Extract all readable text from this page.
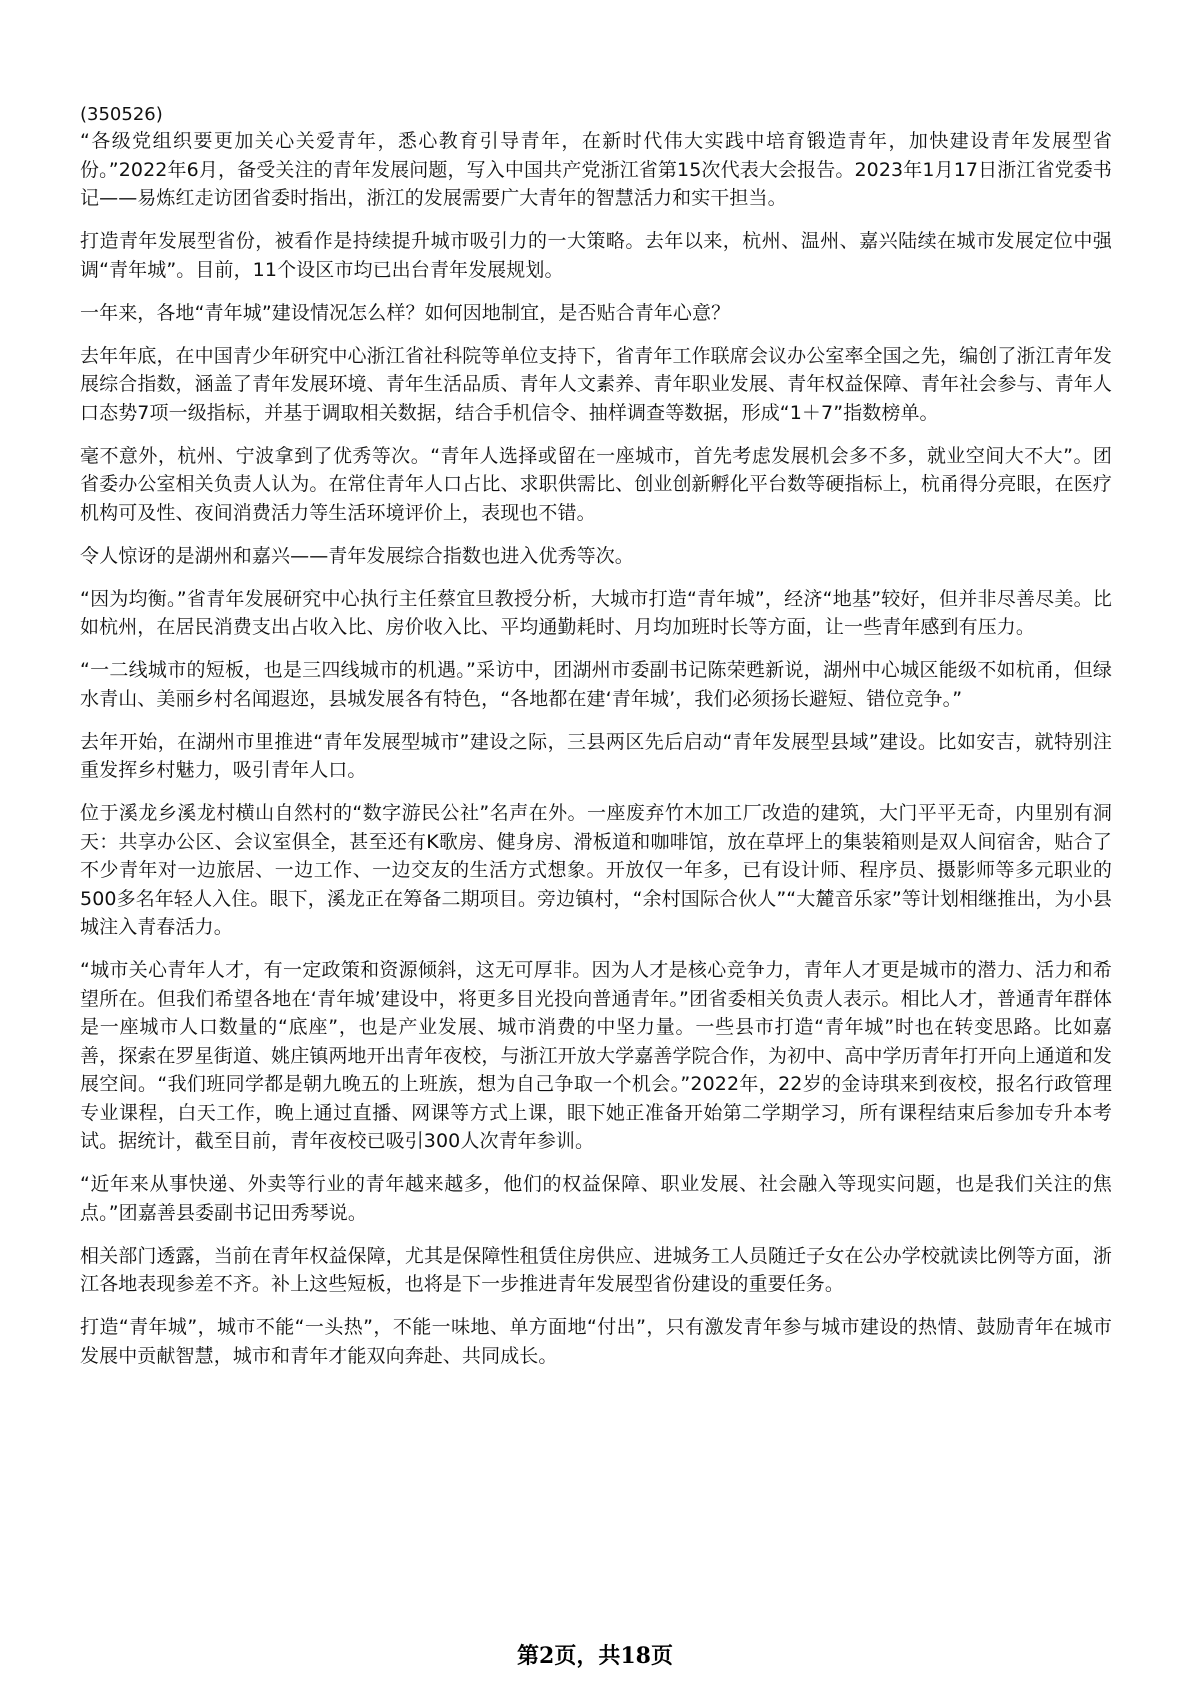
(350526)

“各级党组织要更加关心关爱青年，悉心教育引导青年，在新时代伟大实践中培育锻造青年，加快建设青年发展型省份。”2022年6月，备受关注的青年发展问题，写入中国共产党浙江省第15次代表大会报告。2023年1月17日浙江省党委书记——易炼红走访团省委时指出，浙江的发展需要广大青年的智慧活力和实干担当。

打造青年发展型省份，被看作是持续提升城市吸引力的一大策略。去年以来，杭州、温州、嘉兴陆续在城市发展定位中强调“青年城”。目前，11个设区市均已出台青年发展规划。

一年来，各地“青年城”建设情况怎么样？如何因地制宜，是否贴合青年心意？

去年年底，在中国青少年研究中心浙江省社科院等单位支持下，省青年工作联席会议办公室率全国之先，编创了浙江青年发展综合指数，涵盖了青年发展环境、青年生活品质、青年人文素养、青年职业发展、青年权益保障、青年社会参与、青年人口态势7项一级指标，并基于调取相关数据，结合手机信令、抽样调查等数据，形成“1＋7”指数榜单。

毫不意外，杭州、宁波拿到了优秀等次。“青年人选择或留在一座城市，首先考虑发展机会多不多，就业空间大不大”。团省委办公室相关负责人认为。在常住青年人口占比、求职供需比、创业创新孵化平台数等硬指标上，杭甬得分亮眼，在医疗机构可及性、夜间消费活力等生活环境评价上，表现也不错。

令人惊讶的是湖州和嘉兴——青年发展综合指数也进入优秀等次。

“因为均衡。”省青年发展研究中心执行主任蔡宜旦教授分析，大城市打造“青年城”，经济“地基”较好，但并非尽善尽美。比如杭州，在居民消费支出占收入比、房价收入比、平均通勤耗时、月均加班时长等方面，让一些青年感到有压力。

“一二线城市的短板，也是三四线城市的机遇。”采访中，团湖州市委副书记陈荣甦新说，湖州中心城区能级不如杭甬，但绿水青山、美丽乡村名闻遐迩，县城发展各有特色，“各地都在建‘青年城’，我们必须扬长避短、错位竞争。”

去年开始，在湖州市里推进“青年发展型城市”建设之际，三县两区先后启动“青年发展型县域”建设。比如安吉，就特别注重发挥乡村魅力，吸引青年人口。

位于溪龙乡溪龙村横山自然村的“数字游民公社”名声在外。一座废弃竹木加工厂改造的建筑，大门平平无奇，内里别有洞天：共享办公区、会议室俱全，甚至还有K歌房、健身房、滑板道和咖啡馆，放在草坪上的集装箱则是双人间宿舍，贴合了不少青年对一边旅居、一边工作、一边交友的生活方式想象。开放仅一年多，已有设计师、程序员、摄影师等多元职业的500多名年轻人入住。眼下，溪龙正在筹备二期项目。旁边镇村，“余村国际合伙人”“大麓音乐家”等计划相继推出，为小县城注入青春活力。

“城市关心青年人才，有一定政策和资源倾斜，这无可厚非。因为人才是核心竞争力，青年人才更是城市的潜力、活力和希望所在。但我们希望各地在‘青年城’建设中，将更多目光投向普通青年。”团省委相关负责人表示。相比人才，普通青年群体是一座城市人口数量的“底座”，也是产业发展、城市消费的中坚力量。一些县市打造“青年城”时也在转变思路。比如嘉善，探索在罗星街道、姚庄镇两地开出青年夜校，与浙江开放大学嘉善学院合作，为初中、高中学历青年打开向上通道和发展空间。“我们班同学都是朝九晚五的上班族，想为自己争取一个机会。”2022年，22岁的金诗琪来到夜校，报名行政管理专业课程，白天工作，晚上通过直播、网课等方式上课，眼下她正准备开始第二学期学习，所有课程结束后参加专升本考试。据统计，截至目前，青年夜校已吸引300人次青年参训。

“近年来从事快递、外卖等行业的青年越来越多，他们的权益保障、职业发展、社会融入等现实问题，也是我们关注的焦点。”团嘉善县委副书记田秀琴说。

相关部门透露，当前在青年权益保障，尤其是保障性租赁住房供应、进城务工人员随迁子女在公办学校就读比例等方面，浙江各地表现参差不齐。补上这些短板，也将是下一步推进青年发展型省份建设的重要任务。

打造“青年城”，城市不能“一头热”，不能一味地、单方面地“付出”，只有激发青年参与城市建设的热情、鼓励青年在城市发展中贡献智慧，城市和青年才能双向奔赴、共同成长。

第2页，共18页
